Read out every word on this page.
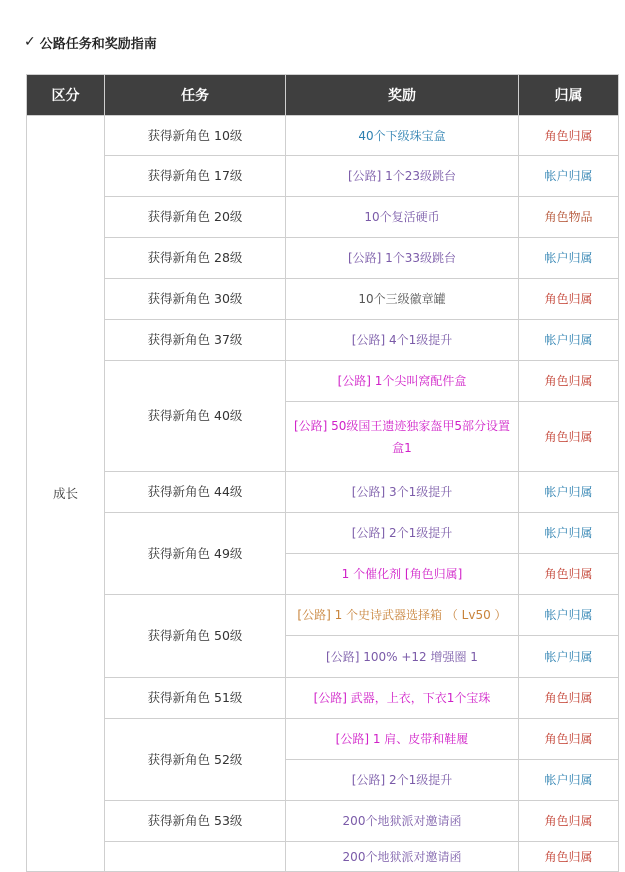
✓ 公路任务和奖励指南
区分	任务	奖励	归属
成长	获得新角色 10级	40个下级珠宝盒	角色归属
	获得新角色 17级	[公路] 1个23级跳台	帐户归属
	获得新角色 20级	10个复活硬币	角色物品
	获得新角色 28级	[公路] 1个33级跳台	帐户归属
	获得新角色 30级	10个三级徽章罐	角色归属
	获得新角色 37级	[公路] 4个1级提升	帐户归属
	获得新角色 40级	[公路] 1个尖叫窝配件盒	角色归属
		[公路] 50级国王遗迹独家盔甲5部分设置盒1	角色归属
	获得新角色 44级	[公路] 3个1级提升	帐户归属
	获得新角色 49级	[公路] 2个1级提升	帐户归属
		1 个催化剂 [角色归属]	角色归属
	获得新角色 50级	[公路] 1 个史诗武器选择箱 （ Lv50 ）	帐户归属
		[公路] 100% +12 增强圈 1	帐户归属
	获得新角色 51级	[公路] 武器，上衣，下衣1个宝珠	角色归属
	获得新角色 52级	[公路] 1 肩、皮带和鞋履	角色归属
		[公路] 2个1级提升	帐户归属
	获得新角色 53级	200个地狱派对邀请函	角色归属
		200个地狱派对邀请函	角色归属
